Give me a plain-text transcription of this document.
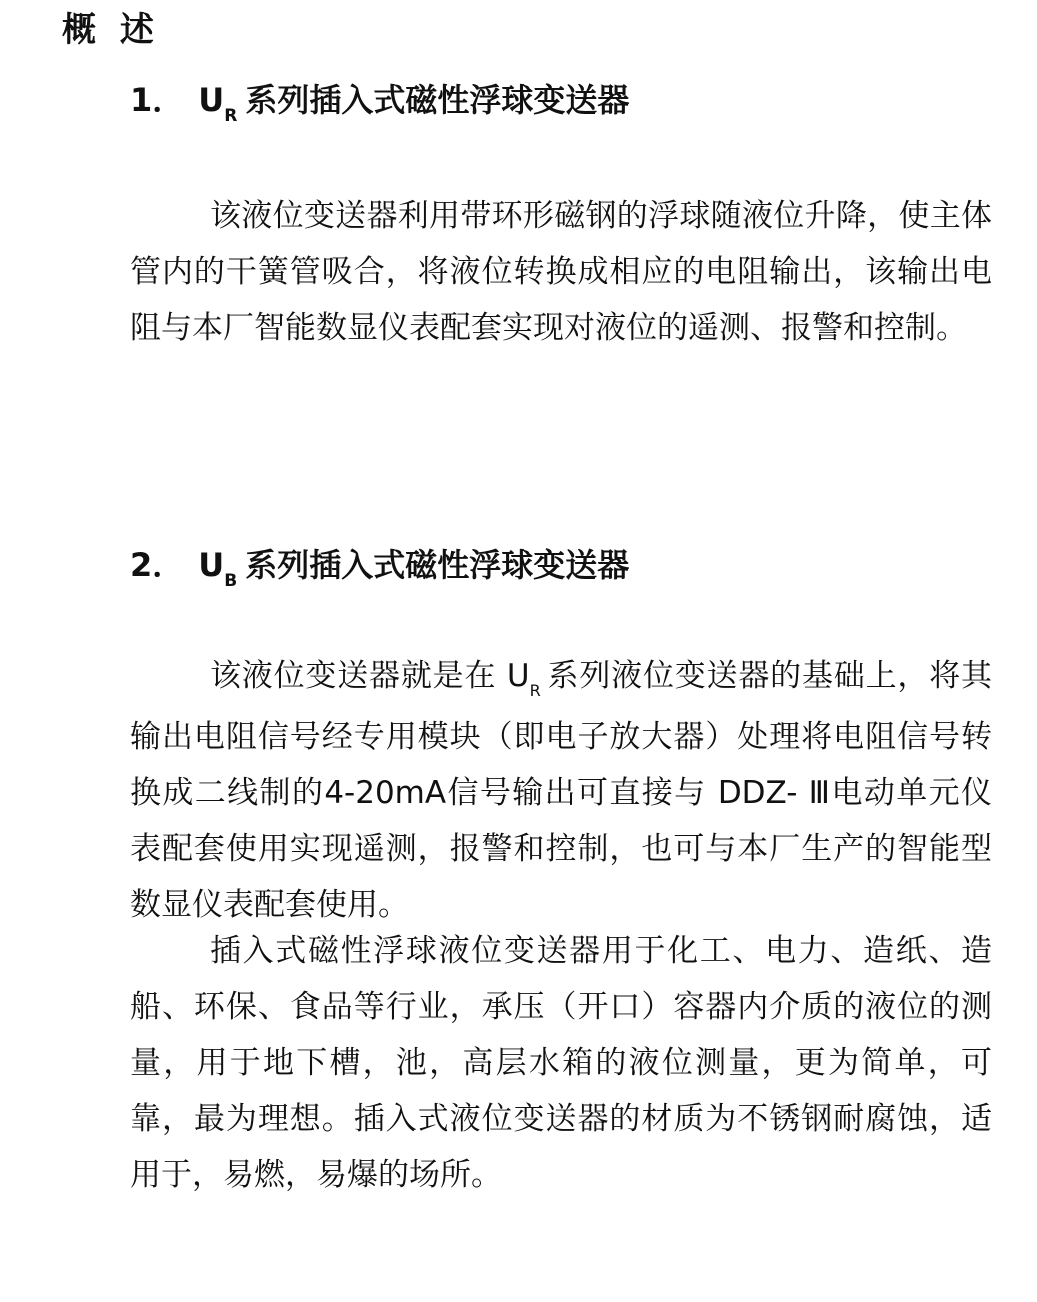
概 述
1． $U_R$ 系列插入式磁性浮球变送器

该液位变送器利用带环形磁钢的浮球随液位升降，使主体管内的干簧管吸合，将液位转换成相应的电阻输出，该输出电阻与本厂智能数显仪表配套实现对液位的遥测、报警和控制。

2． $U_B$ 系列插入式磁性浮球变送器

该液位变送器就是在 $U_R$ 系列液位变送器的基础上，将其输出电阻信号经专用模块（即电子放大器）处理将电阻信号转换成二线制的4-20mA信号输出可直接与 DDZ- Ⅲ电动单元仪表配套使用实现遥测，报警和控制，也可与本厂生产的智能型数显仪表配套使用。

插入式磁性浮球液位变送器用于化工、电力、造纸、造船、环保、食品等行业，承压（开口）容器内介质的液位的测量，用于地下槽，池，高层水箱的液位测量，更为简单，可靠，最为理想。插入式液位变送器的材质为不锈钢耐腐蚀，适用于，易燃，易爆的场所。
